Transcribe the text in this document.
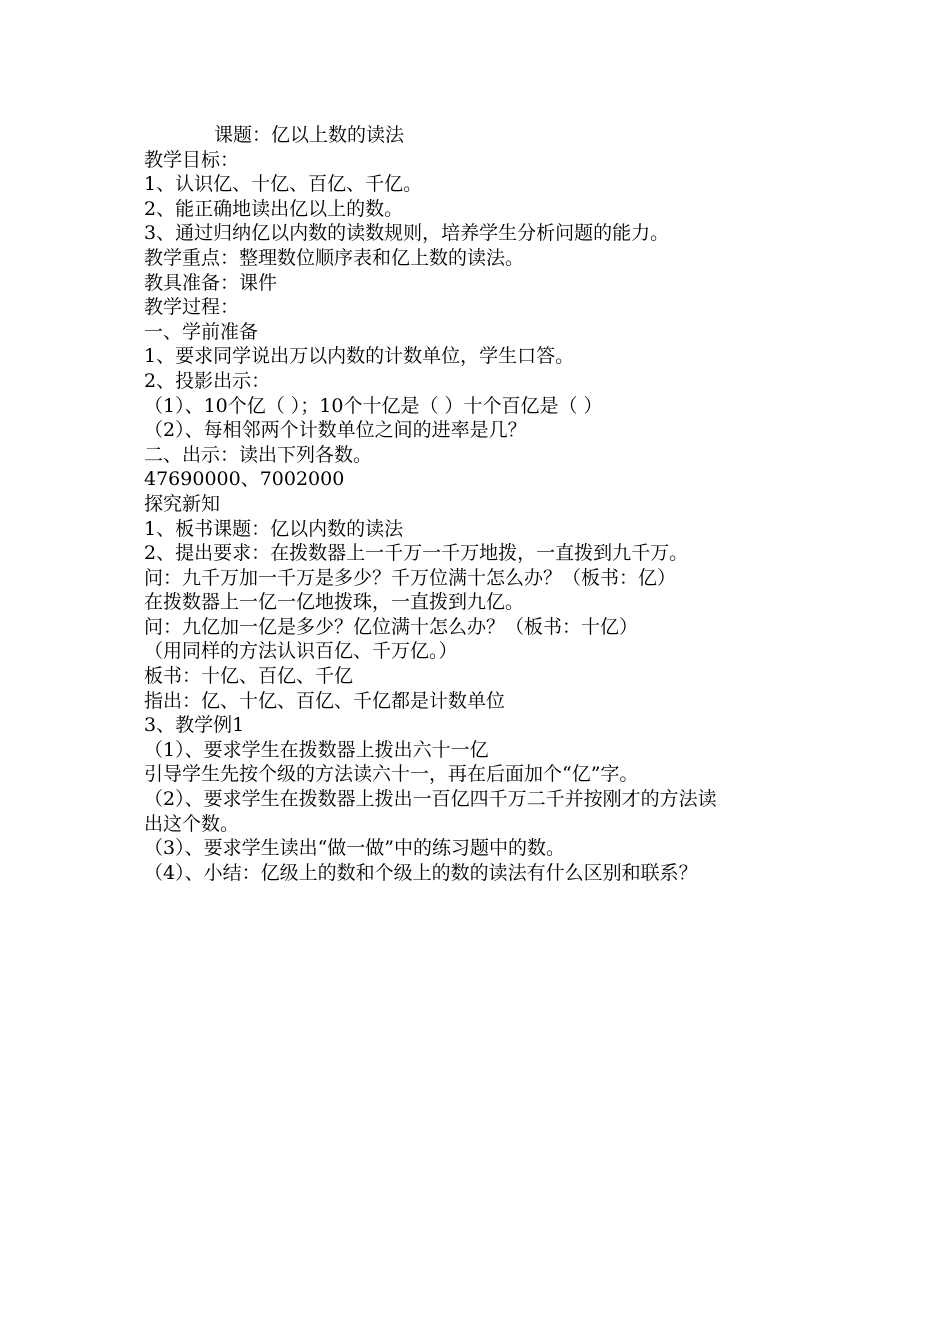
课题：亿以上数的读法

教学目标：

1、认识亿、十亿、百亿、千亿。

2、能正确地读出亿以上的数。

3、通过归纳亿以内数的读数规则，培养学生分析问题的能力。

教学重点：整理数位顺序表和亿上数的读法。

教具准备：课件

教学过程：

一、学前准备

1、要求同学说出万以内数的计数单位，学生口答。

2、投影出示：

（1）、10个亿（ ）；10个十亿是（ ）十个百亿是（ ）

（2）、每相邻两个计数单位之间的进率是几？

二、出示：读出下列各数。

47690000、7002000

探究新知

1、板书课题：亿以内数的读法

2、提出要求：在拨数器上一千万一千万地拨，一直拨到九千万。

问：九千万加一千万是多少？千万位满十怎么办？（板书：亿）

在拨数器上一亿一亿地拨珠，一直拨到九亿。

问：九亿加一亿是多少？亿位满十怎么办？（板书：十亿）

（用同样的方法认识百亿、千万亿。）

板书：十亿、百亿、千亿

指出：亿、十亿、百亿、千亿都是计数单位

3、教学例1

（1）、要求学生在拨数器上拨出六十一亿

引导学生先按个级的方法读六十一，再在后面加个“亿”字。

（2）、要求学生在拨数器上拨出一百亿四千万二千并按刚才的方法读

出这个数。

（3）、要求学生读出“做一做”中的练习题中的数。

（4）、小结：亿级上的数和个级上的数的读法有什么区别和联系？
